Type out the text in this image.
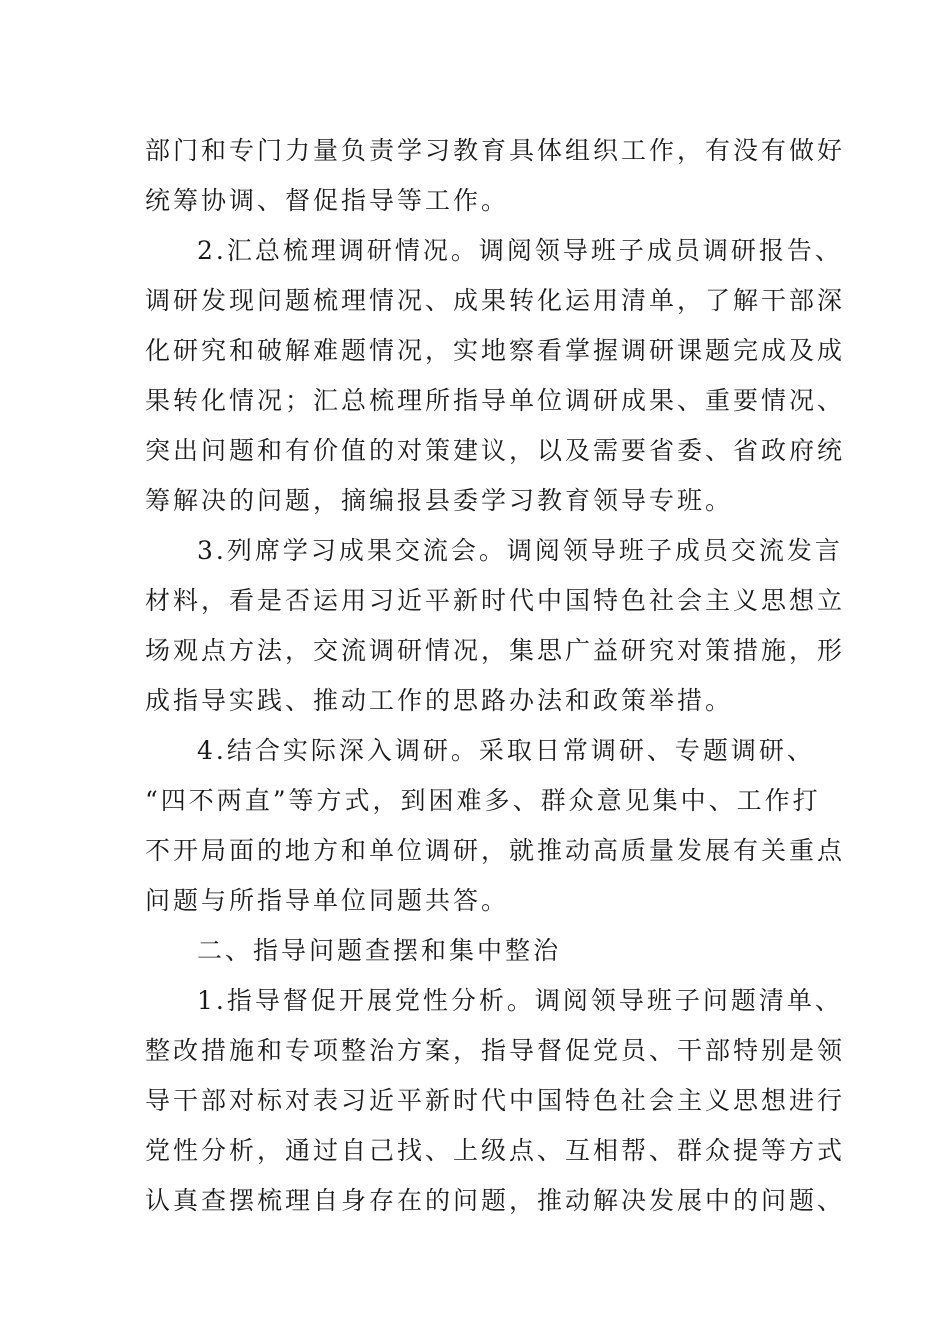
部门和专门力量负责学习教育具体组织工作，有没有做好
统筹协调、督促指导等工作。
2.汇总梳理调研情况。调阅领导班子成员调研报告、
调研发现问题梳理情况、成果转化运用清单，了解干部深
化研究和破解难题情况，实地察看掌握调研课题完成及成
果转化情况；汇总梳理所指导单位调研成果、重要情况、
突出问题和有价值的对策建议，以及需要省委、省政府统
筹解决的问题，摘编报县委学习教育领导专班。
3.列席学习成果交流会。调阅领导班子成员交流发言
材料，看是否运用习近平新时代中国特色社会主义思想立
场观点方法，交流调研情况，集思广益研究对策措施，形
成指导实践、推动工作的思路办法和政策举措。
4.结合实际深入调研。采取日常调研、专题调研、
“四不两直”等方式，到困难多、群众意见集中、工作打
不开局面的地方和单位调研，就推动高质量发展有关重点
问题与所指导单位同题共答。
二、指导问题查摆和集中整治
1.指导督促开展党性分析。调阅领导班子问题清单、
整改措施和专项整治方案，指导督促党员、干部特别是领
导干部对标对表习近平新时代中国特色社会主义思想进行
党性分析，通过自己找、上级点、互相帮、群众提等方式
认真查摆梳理自身存在的问题，推动解决发展中的问题、
